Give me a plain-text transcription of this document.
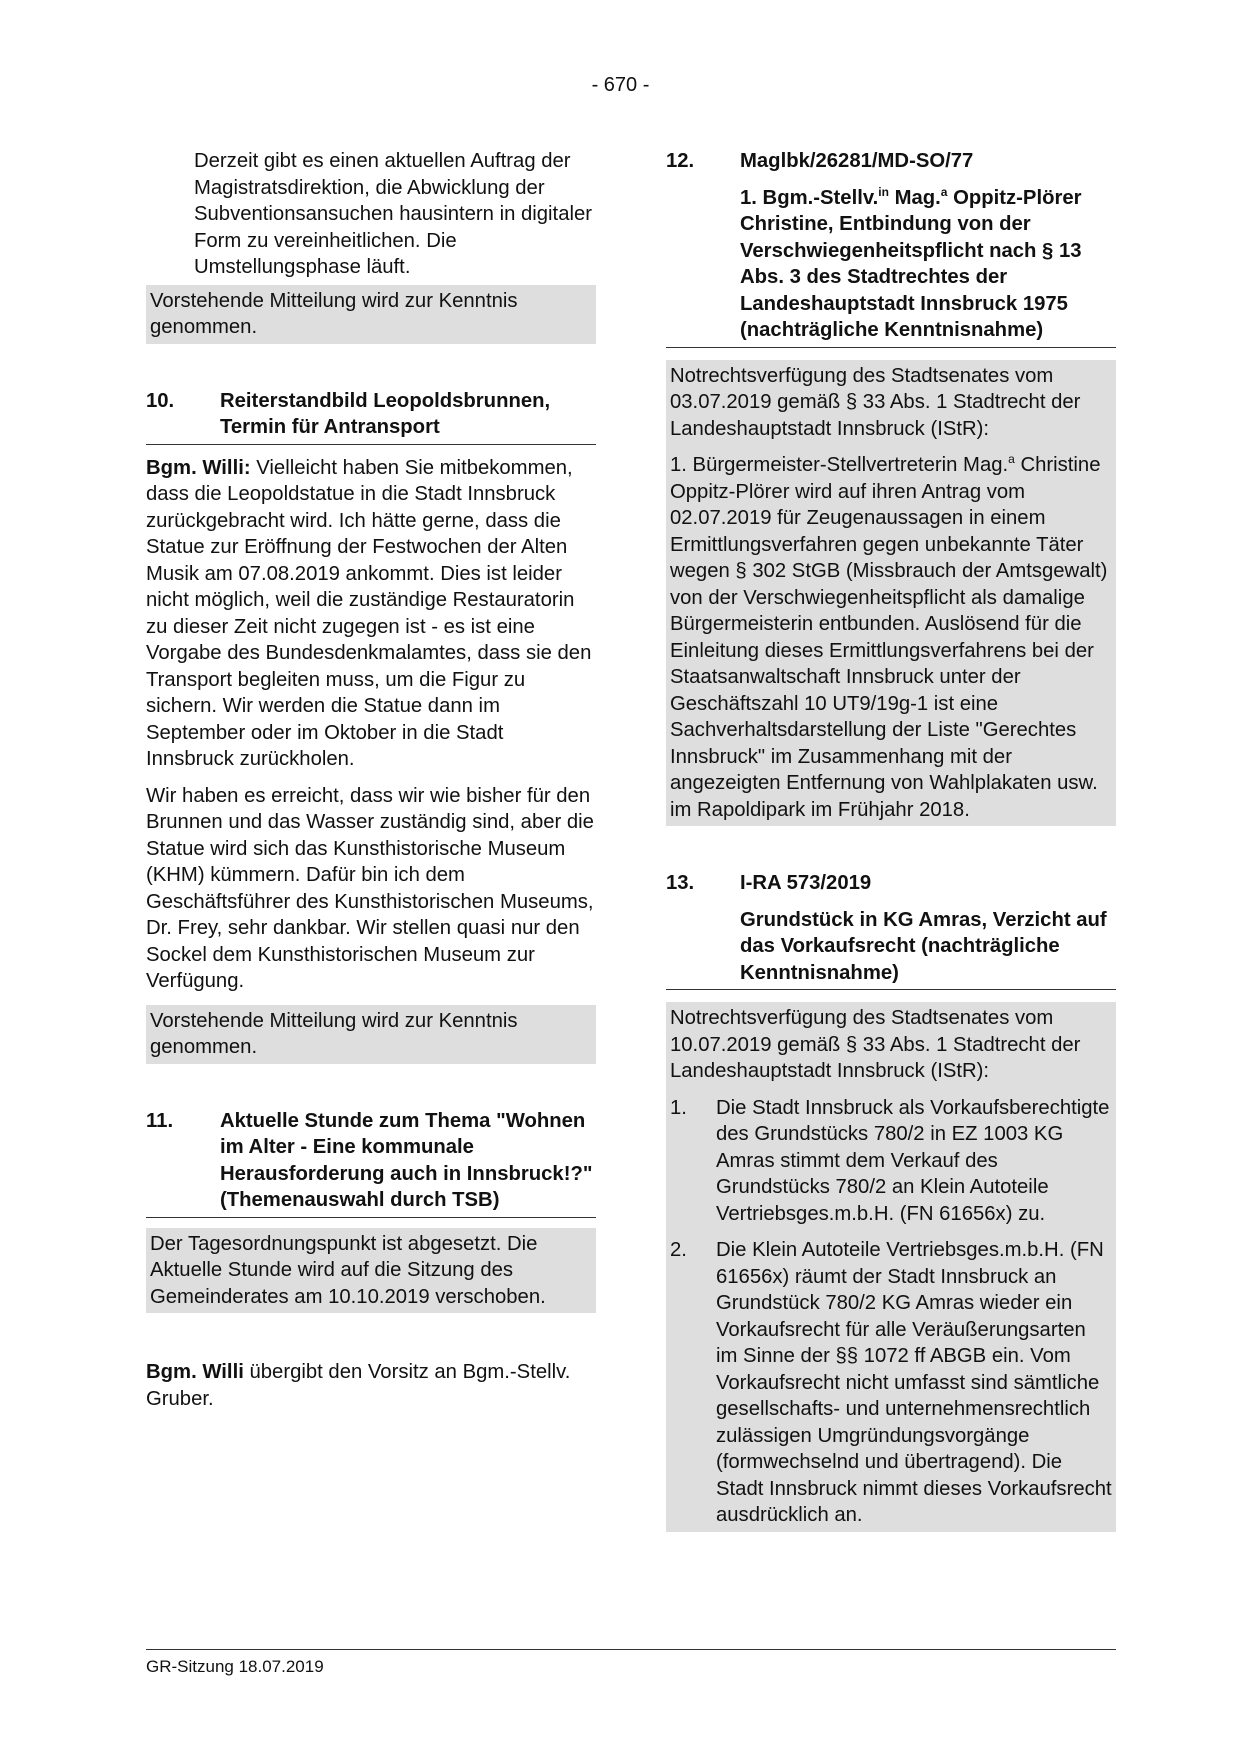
- 670 -

Derzeit gibt es einen aktuellen Auftrag der Magistratsdirektion, die Abwicklung der Subventionsansuchen hausintern in digitaler Form zu vereinheitlichen. Die Umstellungsphase läuft.

Vorstehende Mitteilung wird zur Kenntnis genommen.
10.	Reiterstandbild Leopoldsbrunnen, Termin für Antransport

Bgm. Willi: Vielleicht haben Sie mitbekommen, dass die Leopoldstatue in die Stadt Innsbruck zurückgebracht wird. Ich hätte gerne, dass die Statue zur Eröffnung der Festwochen der Alten Musik am 07.08.2019 ankommt. Dies ist leider nicht möglich, weil die zuständige Restauratorin zu dieser Zeit nicht zugegen ist - es ist eine Vorgabe des Bundesdenkmalamtes, dass sie den Transport begleiten muss, um die Figur zu sichern. Wir werden die Statue dann im September oder im Oktober in die Stadt Innsbruck zurückholen.

Wir haben es erreicht, dass wir wie bisher für den Brunnen und das Wasser zuständig sind, aber die Statue wird sich das Kunsthistorische Museum (KHM) kümmern. Dafür bin ich dem Geschäftsführer des Kunsthistorischen Museums, Dr. Frey, sehr dankbar. Wir stellen quasi nur den Sockel dem Kunsthistorischen Museum zur Verfügung.

Vorstehende Mitteilung wird zur Kenntnis genommen.
11.	Aktuelle Stunde zum Thema "Wohnen im Alter - Eine kommunale Herausforderung auch in Innsbruck!?" (Themenauswahl durch TSB)
Der Tagesordnungspunkt ist abgesetzt. Die Aktuelle Stunde wird auf die Sitzung des Gemeinderates am 10.10.2019 verschoben.

Bgm. Willi übergibt den Vorsitz an Bgm.-Stellv. Gruber.

12.	Maglbk/26281/MD-SO/77
1. Bgm.-Stellv.$^{in}$ Mag.$^a$ Oppitz-Plörer Christine, Entbindung von der Verschwiegenheitspflicht nach § 13 Abs. 3 des Stadtrechtes der Landeshauptstadt Innsbruck 1975 (nachträgliche Kenntnisnahme)

Notrechtsverfügung des Stadtsenates vom 03.07.2019 gemäß § 33 Abs. 1 Stadtrecht der Landeshauptstadt Innsbruck (IStR):

1. Bürgermeister-Stellvertreterin Mag.$^a$ Christine Oppitz-Plörer wird auf ihren Antrag vom 02.07.2019 für Zeugenaussagen in einem Ermittlungsverfahren gegen unbekannte Täter wegen § 302 StGB (Missbrauch der Amtsgewalt) von der Verschwiegenheitspflicht als damalige Bürgermeisterin entbunden. Auslösend für die Einleitung dieses Ermittlungsverfahrens bei der Staatsanwaltschaft Innsbruck unter der Geschäftszahl 10 UT9/19g-1 ist eine Sachverhaltsdarstellung der Liste "Gerechtes Innsbruck" im Zusammenhang mit der angezeigten Entfernung von Wahlplakaten usw. im Rapoldipark im Frühjahr 2018.

13.	I-RA 573/2019
Grundstück in KG Amras, Verzicht auf das Vorkaufsrecht (nachträgliche Kenntnisnahme)

Notrechtsverfügung des Stadtsenates vom 10.07.2019 gemäß § 33 Abs. 1 Stadtrecht der Landeshauptstadt Innsbruck (IStR):

1.	Die Stadt Innsbruck als Vorkaufsberechtigte des Grundstücks 780/2 in EZ 1003 KG Amras stimmt dem Verkauf des Grundstücks 780/2 an Klein Autoteile Vertriebsges.m.b.H. (FN 61656x) zu.
2.	Die Klein Autoteile Vertriebsges.m.b.H. (FN 61656x) räumt der Stadt Innsbruck an Grundstück 780/2 KG Amras wieder ein Vorkaufsrecht für alle Veräußerungsarten im Sinne der §§ 1072 ff ABGB ein. Vom Vorkaufsrecht nicht umfasst sind sämtliche gesellschafts- und unternehmensrechtlich zulässigen Umgründungsvorgänge (formwechselnd und übertragend). Die Stadt Innsbruck nimmt dieses Vorkaufsrecht ausdrücklich an.
GR-Sitzung 18.07.2019
